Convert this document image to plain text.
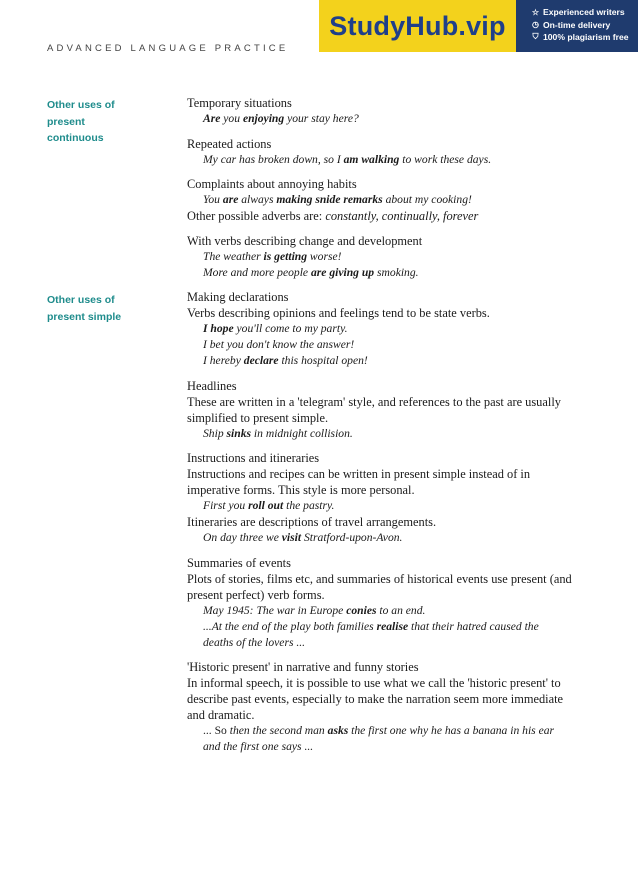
ADVANCED LANGUAGE PRACTICE
StudyHub.vip	☆ Experienced writers
◷ On-time delivery
⛉ 100% plagiarism free
Other uses of
present
continuous
Other uses of
present simple
Temporary situations
Are you enjoying your stay here?
Repeated actions
My car has broken down, so I am walking to work these days.
Complaints about annoying habits
You are always making snide remarks about my cooking!
Other possible adverbs are: constantly, continually, forever
With verbs describing change and development
The weather is getting worse!
More and more people are giving up smoking.
Making declarations
Verbs describing opinions and feelings tend to be state verbs.
I hope you'll come to my party.
I bet you don't know the answer!
I hereby declare this hospital open!
Headlines
These are written in a 'telegram' style, and references to the past are usually
simplified to present simple.
Ship sinks in midnight collision.
Instructions and itineraries
Instructions and recipes can be written in present simple instead of in
imperative forms. This style is more personal.
First you roll out the pastry.
Itineraries are descriptions of travel arrangements.
On day three we visit Stratford-upon-Avon.
Summaries of events
Plots of stories, films etc, and summaries of historical events use present (and
present perfect) verb forms.
May 1945: The war in Europe conies to an end.
...At the end of the play both families realise that their hatred caused the
deaths of the lovers ...
'Historic present' in narrative and funny stories
In informal speech, it is possible to use what we call the 'historic present' to
describe past events, especially to make the narration seem more immediate
and dramatic.
... So then the second man asks the first one why he has a banana in his ear
and the first one says ...
